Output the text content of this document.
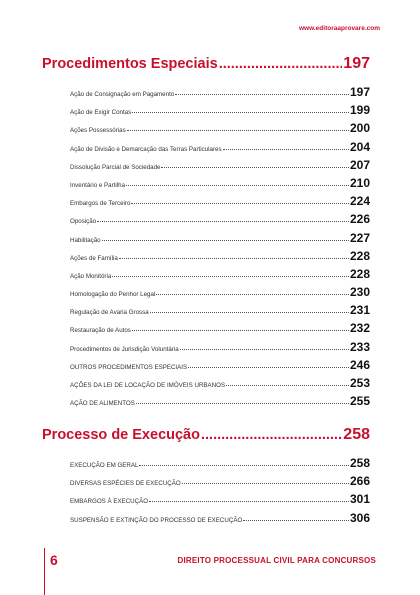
www.editoraaprovare.com
Procedimentos Especiais .....	197
Ação de Consignação em Pagamento	197
Ação de Exigir Contas	199
Ações Possessórias	200
Ação de Divisão e Demarcação das Terras Particulares	204
Dissolução Parcial de Sociedade	207
Inventário e Partilha	210
Embargos de Terceiro	224
Oposição	226
Habilitação	227
Ações de Família	228
Ação Monitória	228
Homologação do Penhor Legal	230
Regulação de Avaria Grossa	231
Restauração de Autos	232
Procedimentos de Jurisdição Voluntária	233
OUTROS PROCEDIMENTOS ESPECIAIS	246
AÇÕES DA LEI DE LOCAÇÃO DE IMÓVEIS URBANOS	253
AÇÃO DE ALIMENTOS	255
Processo de Execução .....	258
EXECUÇÃO EM GERAL	258
DIVERSAS ESPÉCIES DE EXECUÇÃO	266
EMBARGOS À EXECUÇÃO	301
SUSPENSÃO E EXTINÇÃO DO PROCESSO DE EXECUÇÃO	306
6	DIREITO PROCESSUAL CIVIL PARA CONCURSOS
